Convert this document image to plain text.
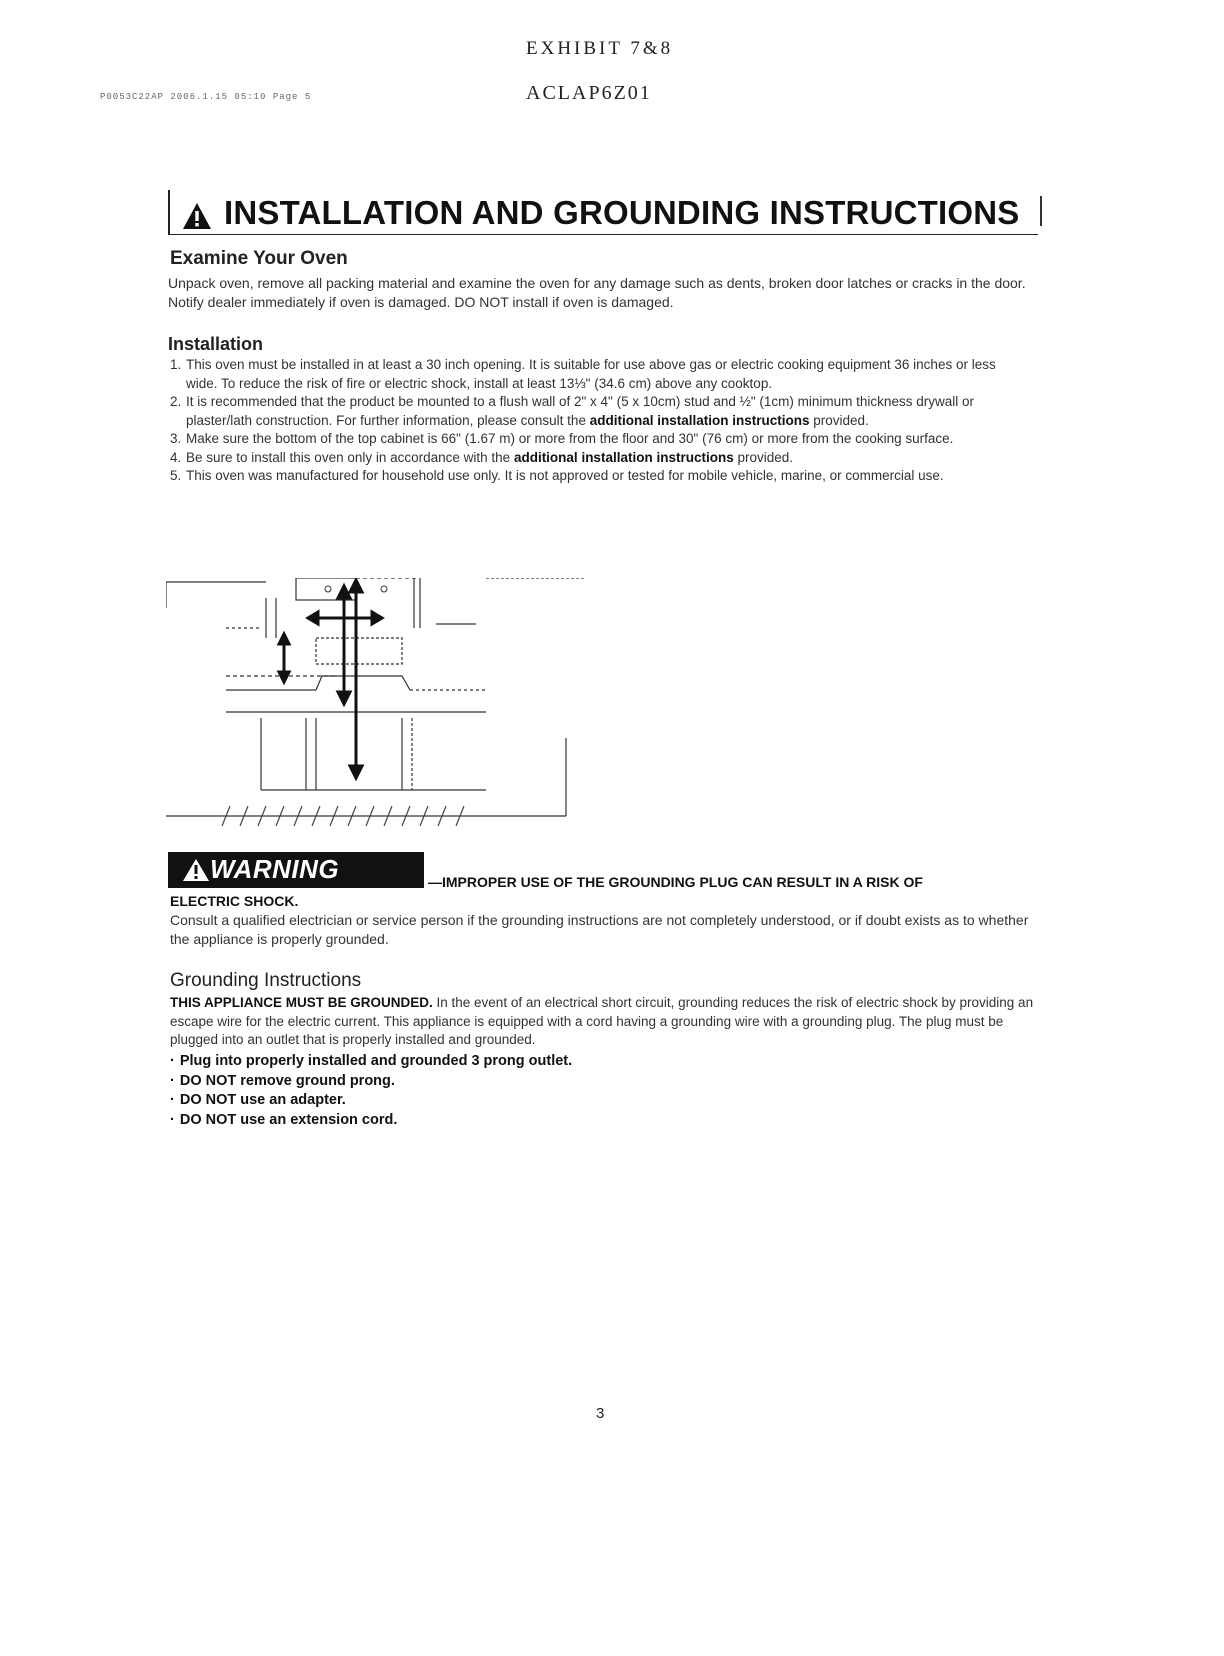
EXHIBIT 7&8
P0053C22AP 2006.1.15 05:10 Page 5	ACLAP6Z01
INSTALLATION AND GROUNDING INSTRUCTIONS
Examine Your Oven
Unpack oven, remove all packing material and examine the oven for any damage such as dents, broken door latches or cracks in the door. Notify dealer immediately if oven is damaged. DO NOT install if oven is damaged.
Installation
1. This oven must be installed in at least a 30 inch opening. It is suitable for use above gas or electric cooking equipment 36 inches or less wide. To reduce the risk of fire or electric shock, install at least 13⅓" (34.6 cm) above any cooktop.
2. It is recommended that the product be mounted to a flush wall of 2" x 4" (5 x 10cm) stud and ½" (1cm) minimum thickness drywall or plaster/lath construction. For further information, please consult the additional installation instructions provided.
3. Make sure the bottom of the top cabinet is 66" (1.67 m) or more from the floor and 30" (76 cm) or more from the cooking surface.
4. Be sure to install this oven only in accordance with the additional installation instructions provided.
5. This oven was manufactured for household use only. It is not approved or tested for mobile vehicle, marine, or commercial use.
WARNING	—IMPROPER USE OF THE GROUNDING PLUG CAN RESULT IN A RISK OF
ELECTRIC SHOCK.
Consult a qualified electrician or service person if the grounding instructions are not completely understood, or if doubt exists as to whether the appliance is properly grounded.
Grounding Instructions
THIS APPLIANCE MUST BE GROUNDED. In the event of an electrical short circuit, grounding reduces the risk of electric shock by providing an escape wire for the electric current. This appliance is equipped with a cord having a grounding wire with a grounding plug. The plug must be plugged into an outlet that is properly installed and grounded.
· Plug into properly installed and grounded 3 prong outlet.
· DO NOT remove ground prong.
· DO NOT use an adapter.
· DO NOT use an extension cord.
3
